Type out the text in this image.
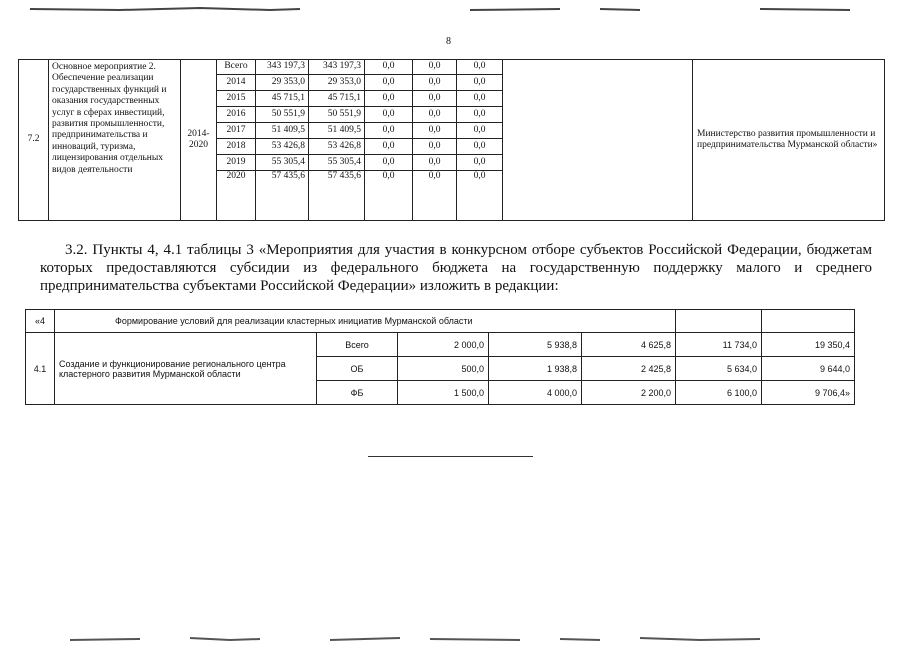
8
7.2	Основное мероприятие 2. Обеспечение реализации государственных функций и оказания государственных услуг в сферах инвестиций, развития промышленности, предпринимательства и инноваций, туризма, лицензирования отдельных видов деятельности	2014-2020	Всего	343 197,3	343 197,3	0,0	0,0	0,0		Министерство развития промышленности и предпринимательства Мурманской области»
			2014	29 353,0	29 353,0	0,0	0,0	0,0		
			2015	45 715,1	45 715,1	0,0	0,0	0,0		
			2016	50 551,9	50 551,9	0,0	0,0	0,0		
			2017	51 409,5	51 409,5	0,0	0,0	0,0		
			2018	53 426,8	53 426,8	0,0	0,0	0,0		
			2019	55 305,4	55 305,4	0,0	0,0	0,0		
			2020	57 435,6	57 435,6	0,0	0,0	0,0		
3.2. Пункты 4, 4.1 таблицы 3 «Мероприятия для участия в конкурсном отборе субъектов Российской Федерации, бюджетам которых предоставляются субсидии из федерального бюджета на государственную поддержку малого и среднего предпринимательства субъектами Российской Федерации» изложить в редакции:
«4	Формирование условий для реализации кластерных инициатив Мурманской области						
4.1	Создание и функционирование регионального центра кластерного развития Мурманской области	Всего	2 000,0	5 938,8	4 625,8	11 734,0	19 350,4
		ОБ	500,0	1 938,8	2 425,8	5 634,0	9 644,0
		ФБ	1 500,0	4 000,0	2 200,0	6 100,0	9 706,4»
